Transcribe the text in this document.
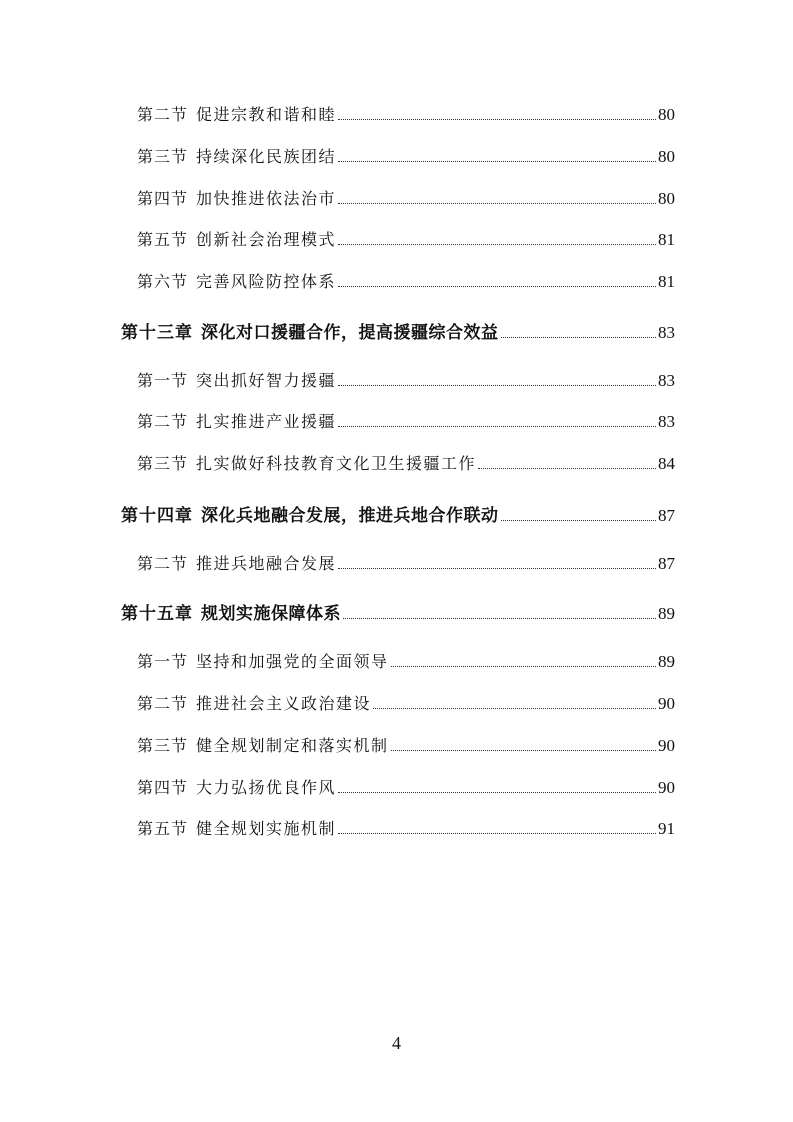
第二节 促进宗教和谐和睦	80
第三节 持续深化民族团结	80
第四节 加快推进依法治市	80
第五节 创新社会治理模式	81
第六节 完善风险防控体系	81
第十三章 深化对口援疆合作，提高援疆综合效益	83
第一节 突出抓好智力援疆	83
第二节 扎实推进产业援疆	83
第三节 扎实做好科技教育文化卫生援疆工作	84
第十四章 深化兵地融合发展，推进兵地合作联动	87
第二节 推进兵地融合发展	87
第十五章 规划实施保障体系	89
第一节 坚持和加强党的全面领导	89
第二节 推进社会主义政治建设	90
第三节 健全规划制定和落实机制	90
第四节 大力弘扬优良作风	90
第五节 健全规划实施机制	91
4
